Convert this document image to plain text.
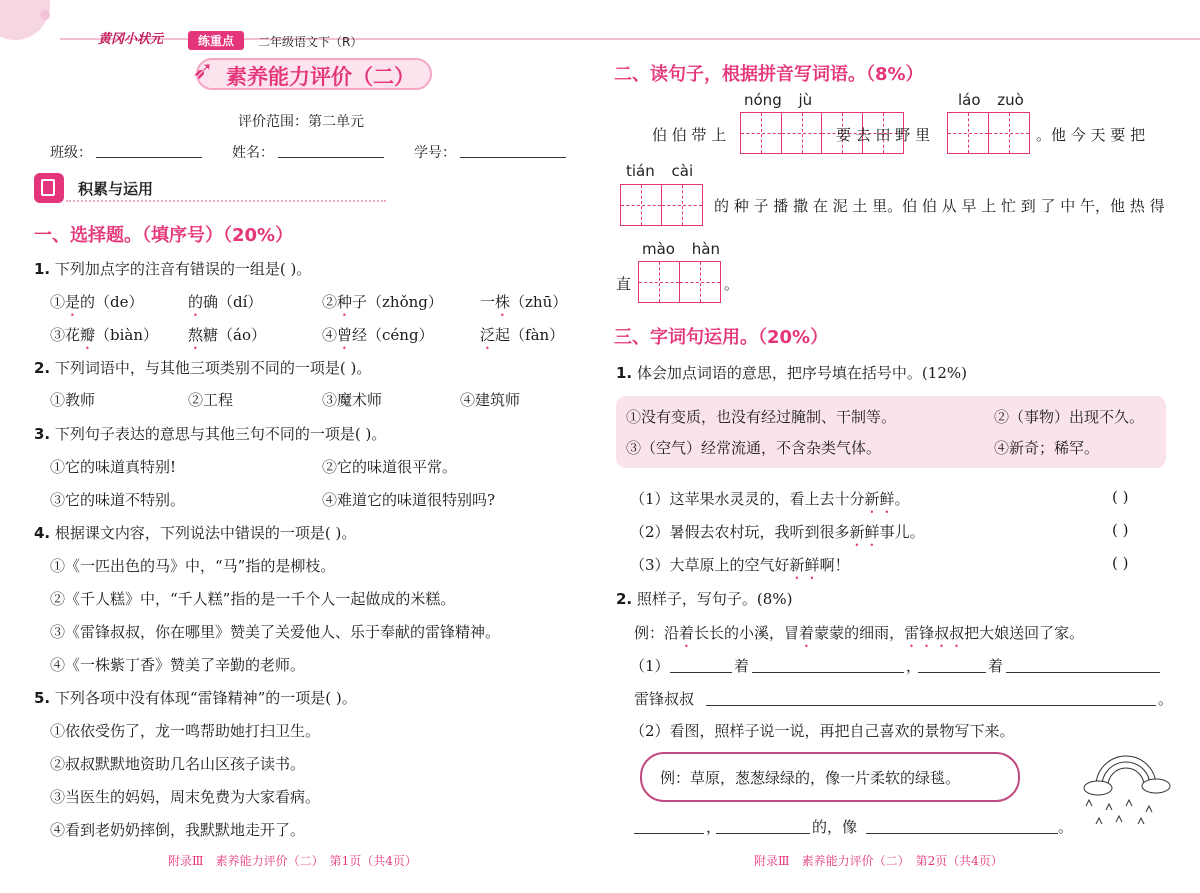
黄冈小状元	练重点	二年级语文下（R）
➶ 素养能力评价（二）
评价范围：第二单元
班级：	姓名：	学号：
积累与运用
一、选择题。（填序号）（20%）
1. 下列加点字的注音有错误的一组是( )。
①是的（de）	的确（dí）	②种子（zhǒng） 一株（zhū）
③花瓣（biàn） 熬糖（áo）	④曾经（céng）	泛起（fàn）
2. 下列词语中，与其他三项类别不同的一项是( )。
①教师	②工程	③魔术师	④建筑师
3. 下列句子表达的意思与其他三句不同的一项是( )。
①它的味道真特别!	②它的味道很平常。
③它的味道不特别。	④难道它的味道很特别吗?
4. 根据课文内容，下列说法中错误的一项是( )。
①《一匹出色的马》中，“马”指的是柳枝。
②《千人糕》中，“千人糕”指的是一千个人一起做成的米糕。
③《雷锋叔叔，你在哪里》赞美了关爱他人、乐于奉献的雷锋精神。
④《一株紫丁香》赞美了辛勤的老师。
5. 下列各项中没有体现“雷锋精神”的一项是( )。
①依依受伤了，龙一鸣帮助她打扫卫生。
②叔叔默默地资助几名山区孩子读书。
③当医生的妈妈，周末免费为大家看病。
④看到老奶奶摔倒，我默默地走开了。
附录Ⅲ　素养能力评价（二）　第1页（共4页）
二、读句子，根据拼音写词语。（8%）
nóng jù	láo zuò
伯 伯 带 上	要 去 田 野 里	。他 今 天 要 把
tián cài
的 种 子 播 撒 在 泥 土 里。伯 伯 从 早 上 忙 到 了 中 午，他 热 得
mào hàn
直	。
三、字词句运用。（20%）
1. 体会加点词语的意思，把序号填在括号中。(12%)
①没有变质，也没有经过腌制、干制等。	②（事物）出现不久。
③（空气）经常流通，不含杂类气体。	④新奇；稀罕。
（1）这苹果水灵灵的，看上去十分新鲜。	( )
（2）暑假去农村玩，我听到很多新鲜事儿。	( )
（3）大草原上的空气好新鲜啊！	( )
2. 照样子，写句子。(8%)
例：沿着长长的小溪，冒着蒙蒙的细雨，雷锋叔叔把大娘送回了家。
（1）	着	，	着
雷锋叔叔	。
（2）看图，照样子说一说，再把自己喜欢的景物写下来。
例：草原，葱葱绿绿的，像一片柔软的绿毯。
，	的，像	。
附录Ⅲ　素养能力评价（二）　第2页（共4页）
